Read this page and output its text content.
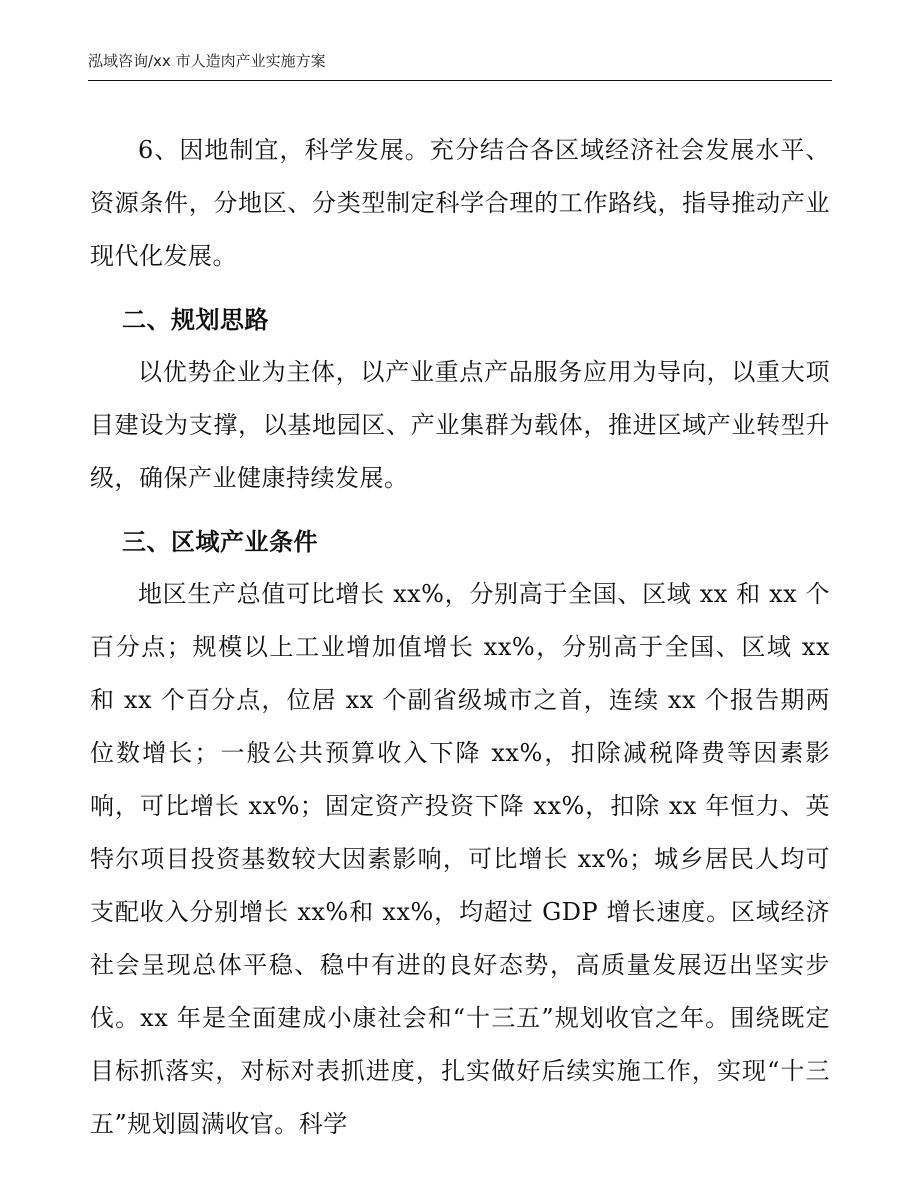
泓域咨询/xx 市人造肉产业实施方案

6、因地制宜，科学发展。充分结合各区域经济社会发展水平、资源条件，分地区、分类型制定科学合理的工作路线，指导推动产业现代化发展。

二、规划思路

以优势企业为主体，以产业重点产品服务应用为导向，以重大项目建设为支撑，以基地园区、产业集群为载体，推进区域产业转型升级，确保产业健康持续发展。

三、区域产业条件

地区生产总值可比增长 xx%，分别高于全国、区域 xx 和 xx 个百分点；规模以上工业增加值增长 xx%，分别高于全国、区域 xx 和 xx 个百分点，位居 xx 个副省级城市之首，连续 xx 个报告期两位数增长；一般公共预算收入下降 xx%，扣除减税降费等因素影响，可比增长 xx%；固定资产投资下降 xx%，扣除 xx 年恒力、英特尔项目投资基数较大因素影响，可比增长 xx%；城乡居民人均可支配收入分别增长 xx%和 xx%，均超过 GDP 增长速度。区域经济社会呈现总体平稳、稳中有进的良好态势，高质量发展迈出坚实步伐。xx 年是全面建成小康社会和“十三五”规划收官之年。围绕既定目标抓落实，对标对表抓进度，扎实做好后续实施工作，实现“十三五”规划圆满收官。科学
